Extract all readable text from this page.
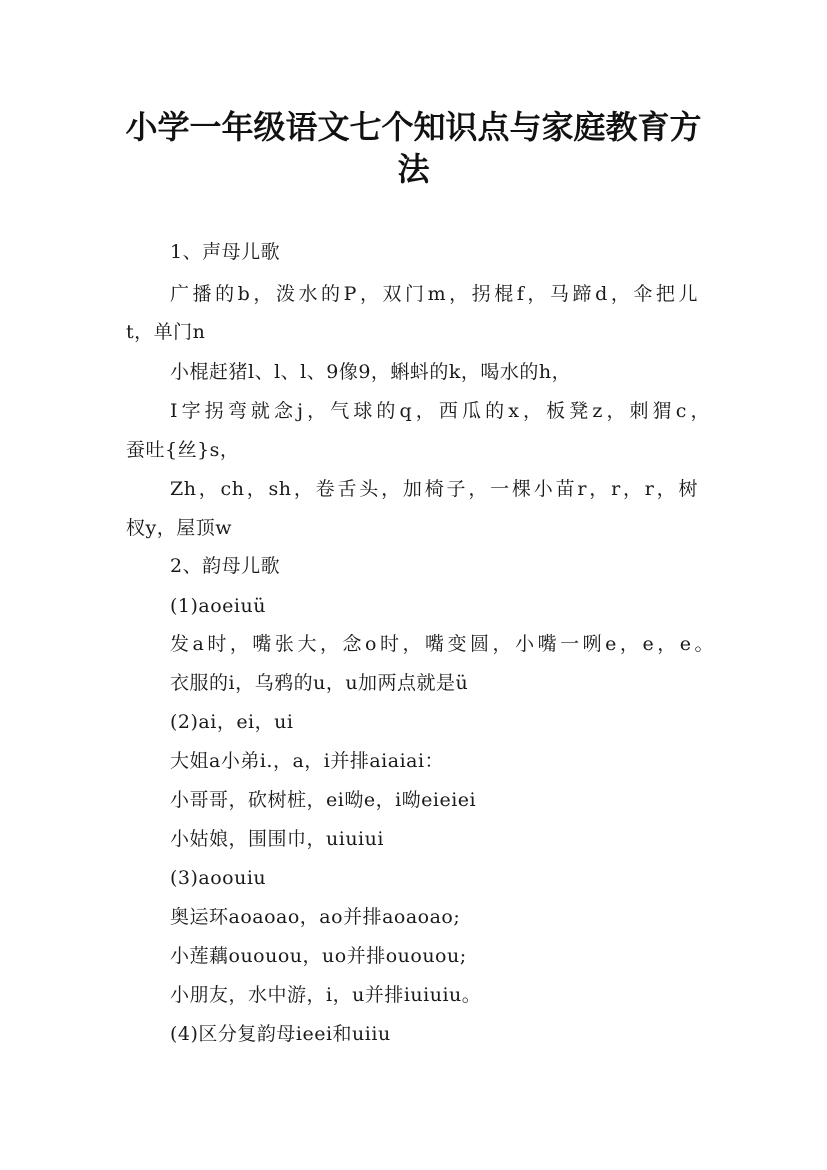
小学一年级语文七个知识点与家庭教育方
法
1、声母儿歌
广播的b，泼水的P，双门m，拐棍f，马蹄d，伞把儿
t，单门n
小棍赶猪l、l、l、9像9，蝌蚪的k，喝水的h，
I字拐弯就念j，气球的q，西瓜的x，板凳z，刺猬c，
蚕吐{丝}s，
Zh，ch，sh，卷舌头，加椅子，一棵小苗r，r，r，树
杈y，屋顶w
2、韵母儿歌
(1)aoeiuü
发a时，嘴张大，念o时，嘴变圆，小嘴一咧e，e，e。
衣服的i，乌鸦的u，u加两点就是ü
(2)ai，ei，ui
大姐a小弟i.，a，i并排aiaiai：
小哥哥，砍树桩，ei呦e，i呦eieiei
小姑娘，围围巾，uiuiui
(3)aoouiu
奥运环aoaoao，ao并排aoaoao;
小莲藕ououou，uo并排ououou;
小朋友，水中游，i，u并排iuiuiu。
(4)区分复韵母ieei和uiiu
